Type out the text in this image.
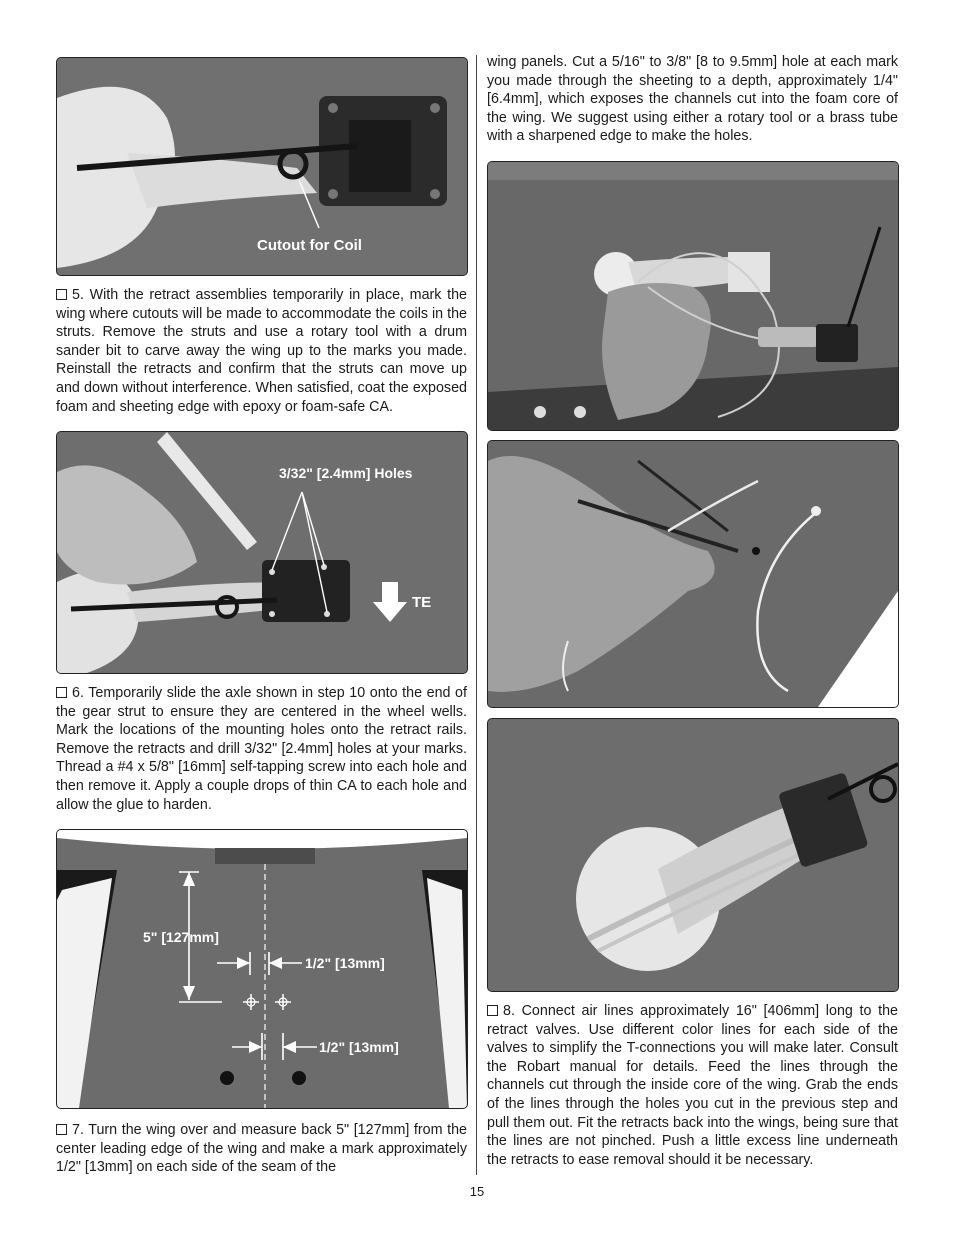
Cutout for Coil

5. With the retract assemblies temporarily in place, mark the wing where cutouts will be made to accommodate the coils in the struts. Remove the struts and use a rotary tool with a drum sander bit to carve away the wing up to the marks you made. Reinstall the retracts and confirm that the struts can move up and down without interference. When satisfied, coat the exposed foam and sheeting edge with epoxy or foam-safe CA.

3/32" [2.4mm] Holes
TE

6. Temporarily slide the axle shown in step 10 onto the end of the gear strut to ensure they are centered in the wheel wells. Mark the locations of the mounting holes onto the retract rails. Remove the retracts and drill 3/32" [2.4mm] holes at your marks. Thread a #4 x 5/8" [16mm] self-tapping screw into each hole and then remove it. Apply a couple drops of thin CA to each hole and allow the glue to harden.

5" [127mm]
1/2" [13mm]
1/2" [13mm]

7. Turn the wing over and measure back 5" [127mm] from the center leading edge of the wing and make a mark approximately 1/2" [13mm] on each side of the seam of the

wing panels. Cut a 5/16" to 3/8" [8 to 9.5mm] hole at each mark you made through the sheeting to a depth, approximately 1/4" [6.4mm], which exposes the channels cut into the foam core of the wing. We suggest using either a rotary tool or a brass tube with a sharpened edge to make the holes.

8. Connect air lines approximately 16" [406mm] long to the retract valves. Use different color lines for each side of the valves to simplify the T-connections you will make later. Consult the Robart manual for details. Feed the lines through the channels cut through the inside core of the wing. Grab the ends of the lines through the holes you cut in the previous step and pull them out. Fit the retracts back into the wings, being sure that the lines are not pinched. Push a little excess line underneath the retracts to ease removal should it be necessary.

15
